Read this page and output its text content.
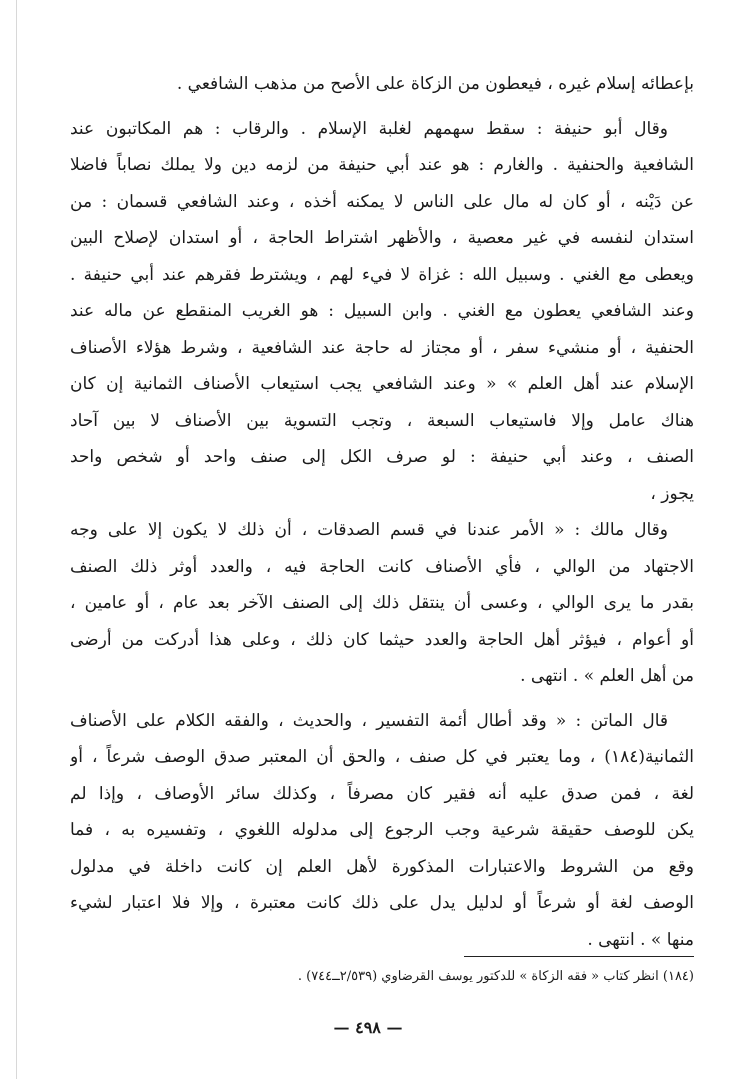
بإعطائه إسلام غيره ، فيعطون من الزكاة على الأصح من مذهب الشافعي .
وقال أبو حنيفة : سقط سهمهم لغلبة الإسلام . والرقاب : هم المكاتبون عند
الشافعية والحنفية . والغارم : هو عند أبي حنيفة من لزمه دين ولا يملك نصاباً فاضلا
عن دَيْنه ، أو كان له مال على الناس لا يمكنه أخذه ، وعند الشافعي قسمان : من
استدان لنفسه في غير معصية ، والأظهر اشتراط الحاجة ، أو استدان لإصلاح البين
ويعطى مع الغني . وسبيل الله : غزاة لا فيء لهم ، ويشترط فقرهم عند أبي حنيفة .
وعند الشافعي يعطون مع الغني . وابن السبيل : هو الغريب المنقطع عن ماله عند
الحنفية ، أو منشيء سفر ، أو مجتاز له حاجة عند الشافعية ، وشرط هؤلاء الأصناف
الإسلام عند أهل العلم » « وعند الشافعي يجب استيعاب الأصناف الثمانية إن كان
هناك عامل وإلا فاستيعاب السبعة ، وتجب التسوية بين الأصناف لا بين آحاد
الصنف ، وعند أبي حنيفة : لو صرف الكل إلى صنف واحد أو شخص واحد
يجوز ،
وقال مالك : « الأمر عندنا في قسم الصدقات ، أن ذلك لا يكون إلا على وجه
الاجتهاد من الوالي ، فأي الأصناف كانت الحاجة فيه ، والعدد أوثر ذلك الصنف
بقدر ما يرى الوالي ، وعسى أن ينتقل ذلك إلى الصنف الآخر بعد عام ، أو عامين ،
أو أعوام ، فيؤثر أهل الحاجة والعدد حيثما كان ذلك ، وعلى هذا أدركت من أرضى
من أهل العلم » . انتهى .
قال الماتن : « وقد أطال أئمة التفسير ، والحديث ، والفقه الكلام على الأصناف
الثمانية(١٨٤) ، وما يعتبر في كل صنف ، والحق أن المعتبر صدق الوصف شرعاً ، أو
لغة ، فمن صدق عليه أنه فقير كان مصرفاً ، وكذلك سائر الأوصاف ، وإذا لم
يكن للوصف حقيقة شرعية وجب الرجوع إلى مدلوله اللغوي ، وتفسيره به ، فما
وقع من الشروط والاعتبارات المذكورة لأهل العلم إن كانت داخلة في مدلول
الوصف لغة أو شرعاً أو لدليل يدل على ذلك كانت معتبرة ، وإلا فلا اعتبار لشيء
منها » . انتهى .
(١٨٤) انظر كتاب « فقه الزكاة » للدكتور يوسف القرضاوي (٢/٥٣٩ــ٧٤٤) .
— ٤٩٨ —
